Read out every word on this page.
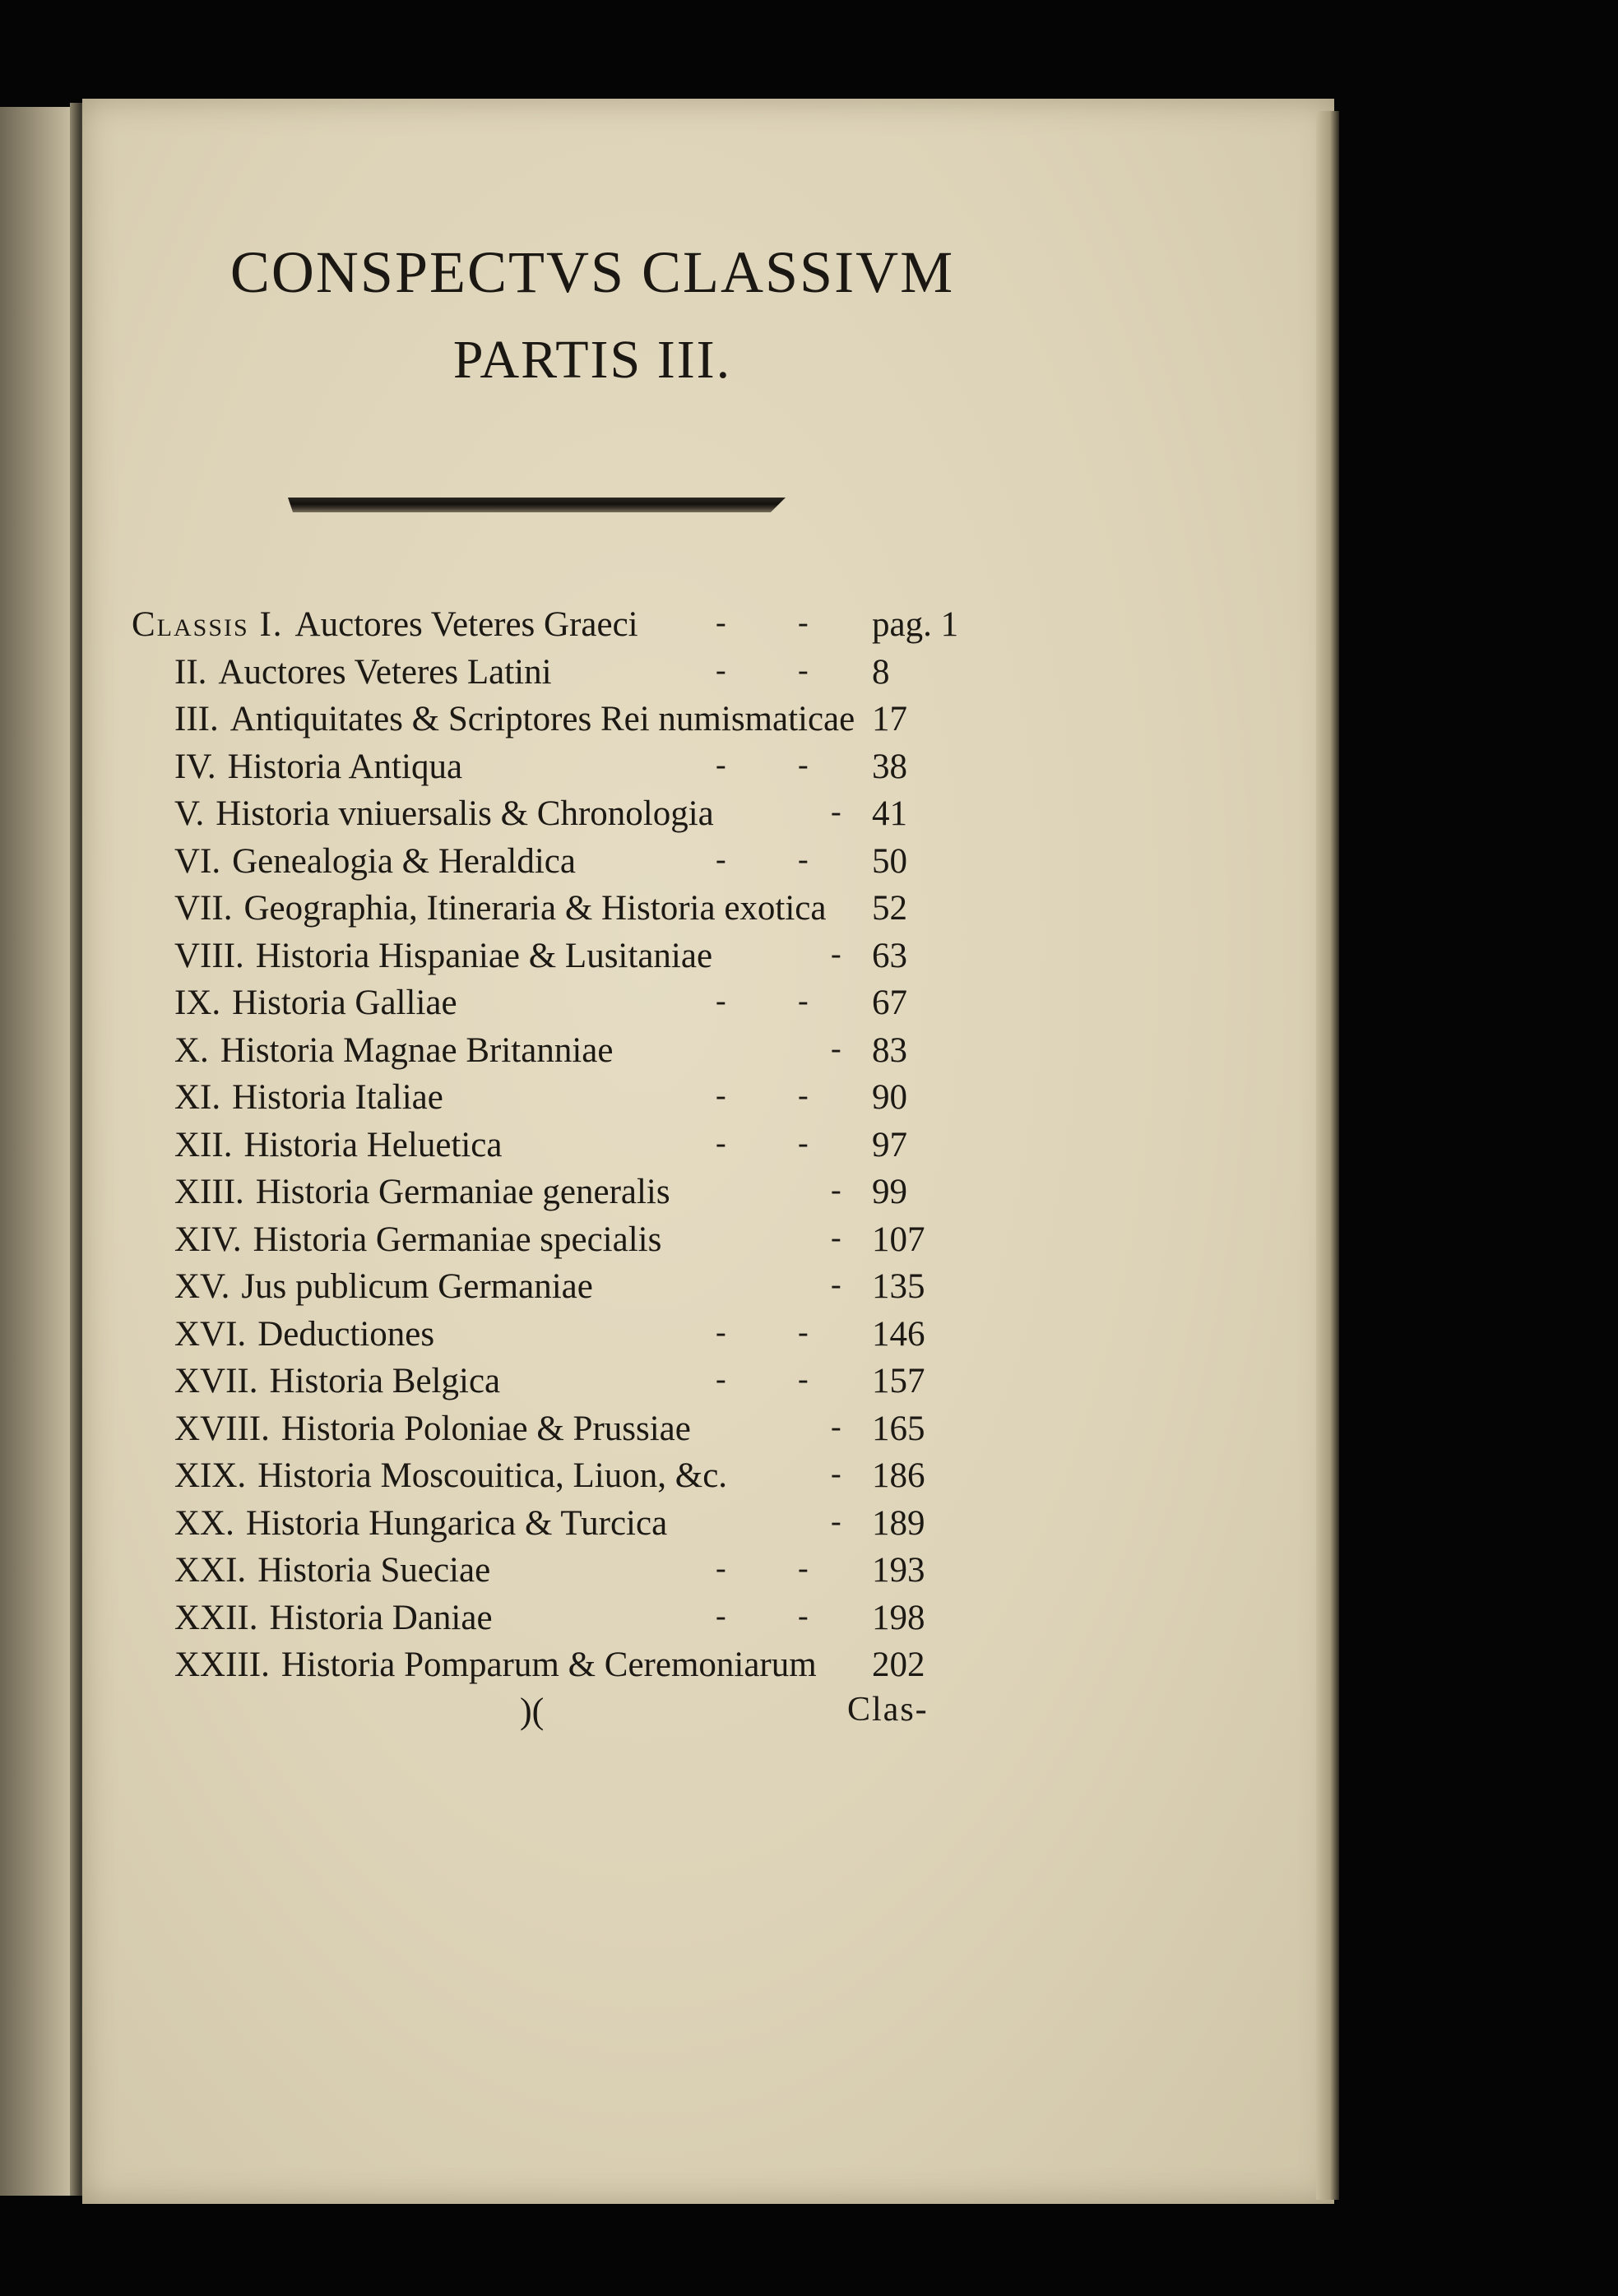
CONSPECTVS CLASSIVM
PARTIS III.
Classis I. Auctores Veteres Graeci - - pag. 1
II. Auctores Veteres Latini	- - 8
III. Antiquitates & Scriptores Rei numismaticae 17
IV. Historia Antiqua	- - 38
V. Historia vniuersalis & Chronologia	- 41
VI. Genealogia & Heraldica	- - 50
VII. Geographia, Itineraria & Historia exotica 52
VIII. Historia Hispaniae & Lusitaniae	- 63
IX. Historia Galliae	- - 67
X. Historia Magnae Britanniae	- 83
XI. Historia Italiae	- - 90
XII. Historia Heluetica	- - 97
XIII. Historia Germaniae generalis	- 99
XIV. Historia Germaniae specialis	- 107
XV. Jus publicum Germaniae	- 135
XVI. Deductiones	- - 146
XVII. Historia Belgica	- - 157
XVIII. Historia Poloniae & Prussiae	- 165
XIX. Historia Moscouitica, Liuon, &c.	- 186
XX. Historia Hungarica & Turcica	- 189
XXI. Historia Sueciae	- - 193
XXII. Historia Daniae	- - 198
XXIII. Historia Pomparum & Ceremoniarum 202
)(	Clas-
